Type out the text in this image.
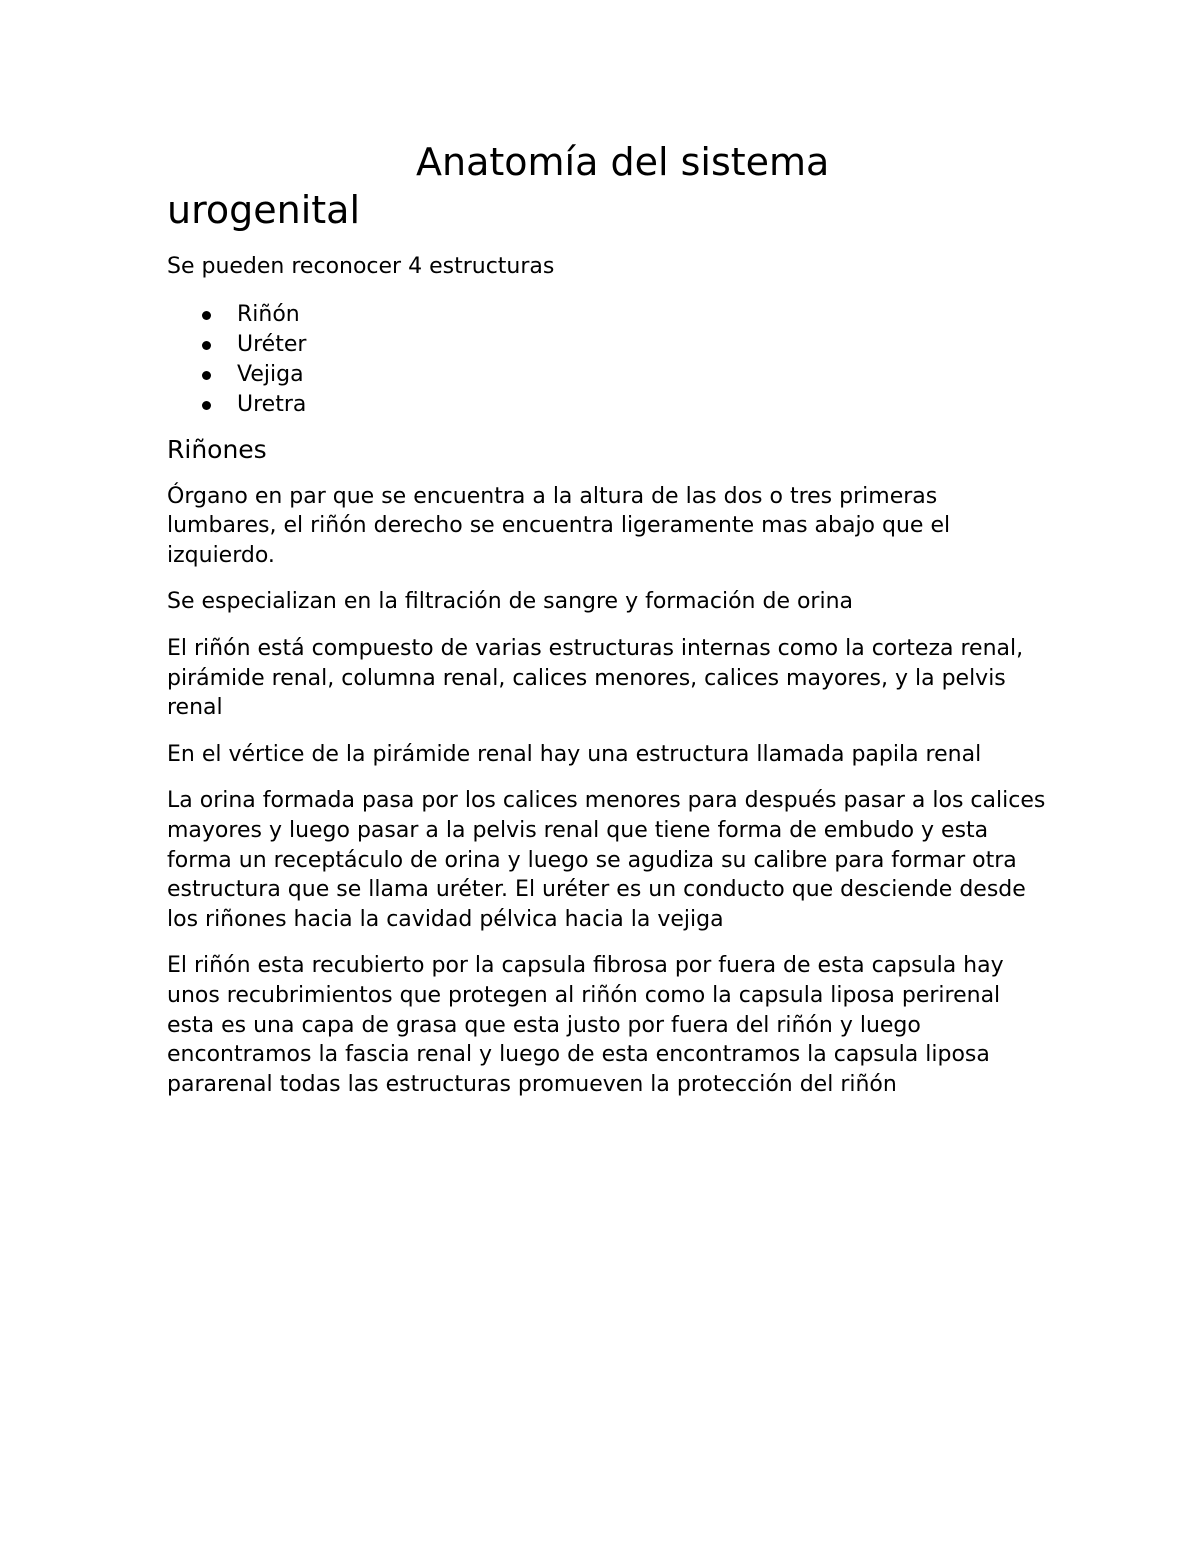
Anatomía del sistema
urogenital

Se pueden reconocer 4 estructuras

Riñón
Uréter
Vejiga
Uretra
Riñones

Órgano en par que se encuentra a la altura de las dos o tres primeras lumbares, el riñón derecho se encuentra ligeramente mas abajo que el izquierdo.

Se especializan en la filtración de sangre y formación de orina

El riñón está compuesto de varias estructuras internas como la corteza renal, pirámide renal, columna renal, calices menores, calices mayores, y la pelvis renal

En el vértice de la pirámide renal hay una estructura llamada papila renal

La orina formada pasa por los calices menores para después pasar a los calices mayores y luego pasar a la pelvis renal que tiene forma de embudo y esta forma un receptáculo de orina y luego se agudiza su calibre para formar otra estructura que se llama uréter. El uréter es un conducto que desciende desde los riñones hacia la cavidad pélvica hacia la vejiga

El riñón esta recubierto por la capsula fibrosa por fuera de esta capsula hay unos recubrimientos que protegen al riñón como la capsula liposa perirenal esta es una capa de grasa que esta justo por fuera del riñón y luego encontramos la fascia renal y luego de esta encontramos la capsula liposa pararenal todas las estructuras promueven la protección del riñón
